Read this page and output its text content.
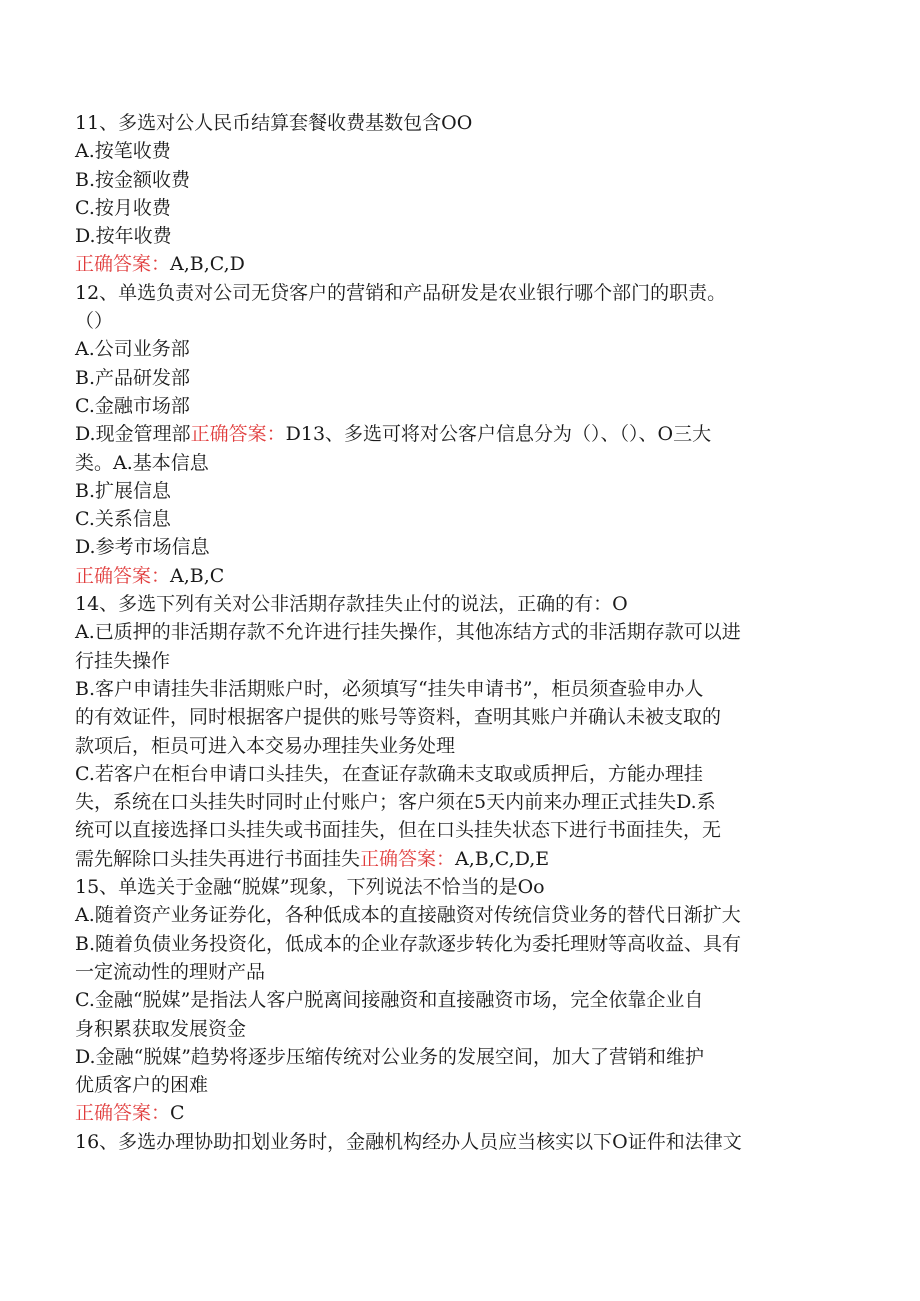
11、多选对公人民币结算套餐收费基数包含OO
A.按笔收费
B.按金额收费
C.按月收费
D.按年收费
正确答案：A,B,C,D
12、单选负责对公司无贷客户的营销和产品研发是农业银行哪个部门的职责。
（）
A.公司业务部
B.产品研发部
C.金融市场部
D.现金管理部正确答案：D13、多选可将对公客户信息分为（）、（）、O三大
类。A.基本信息
B.扩展信息
C.关系信息
D.参考市场信息
正确答案：A,B,C
14、多选下列有关对公非活期存款挂失止付的说法，正确的有：O
A.已质押的非活期存款不允许进行挂失操作，其他冻结方式的非活期存款可以进
行挂失操作
B.客户申请挂失非活期账户时，必须填写“挂失申请书”，柜员须查验申办人
的有效证件，同时根据客户提供的账号等资料，查明其账户并确认未被支取的
款项后，柜员可进入本交易办理挂失业务处理
C.若客户在柜台申请口头挂失，在查证存款确未支取或质押后，方能办理挂
失，系统在口头挂失时同时止付账户；客户须在5天内前来办理正式挂失D.系
统可以直接选择口头挂失或书面挂失，但在口头挂失状态下进行书面挂失，无
需先解除口头挂失再进行书面挂失正确答案：A,B,C,D,E
15、单选关于金融“脱媒”现象，下列说法不恰当的是Oo
A.随着资产业务证券化，各种低成本的直接融资对传统信贷业务的替代日渐扩大
B.随着负债业务投资化，低成本的企业存款逐步转化为委托理财等高收益、具有
一定流动性的理财产品
C.金融“脱媒”是指法人客户脱离间接融资和直接融资市场，完全依靠企业自
身积累获取发展资金
D.金融“脱媒”趋势将逐步压缩传统对公业务的发展空间，加大了营销和维护
优质客户的困难
正确答案：C
16、多选办理协助扣划业务时，金融机构经办人员应当核实以下O证件和法律文
